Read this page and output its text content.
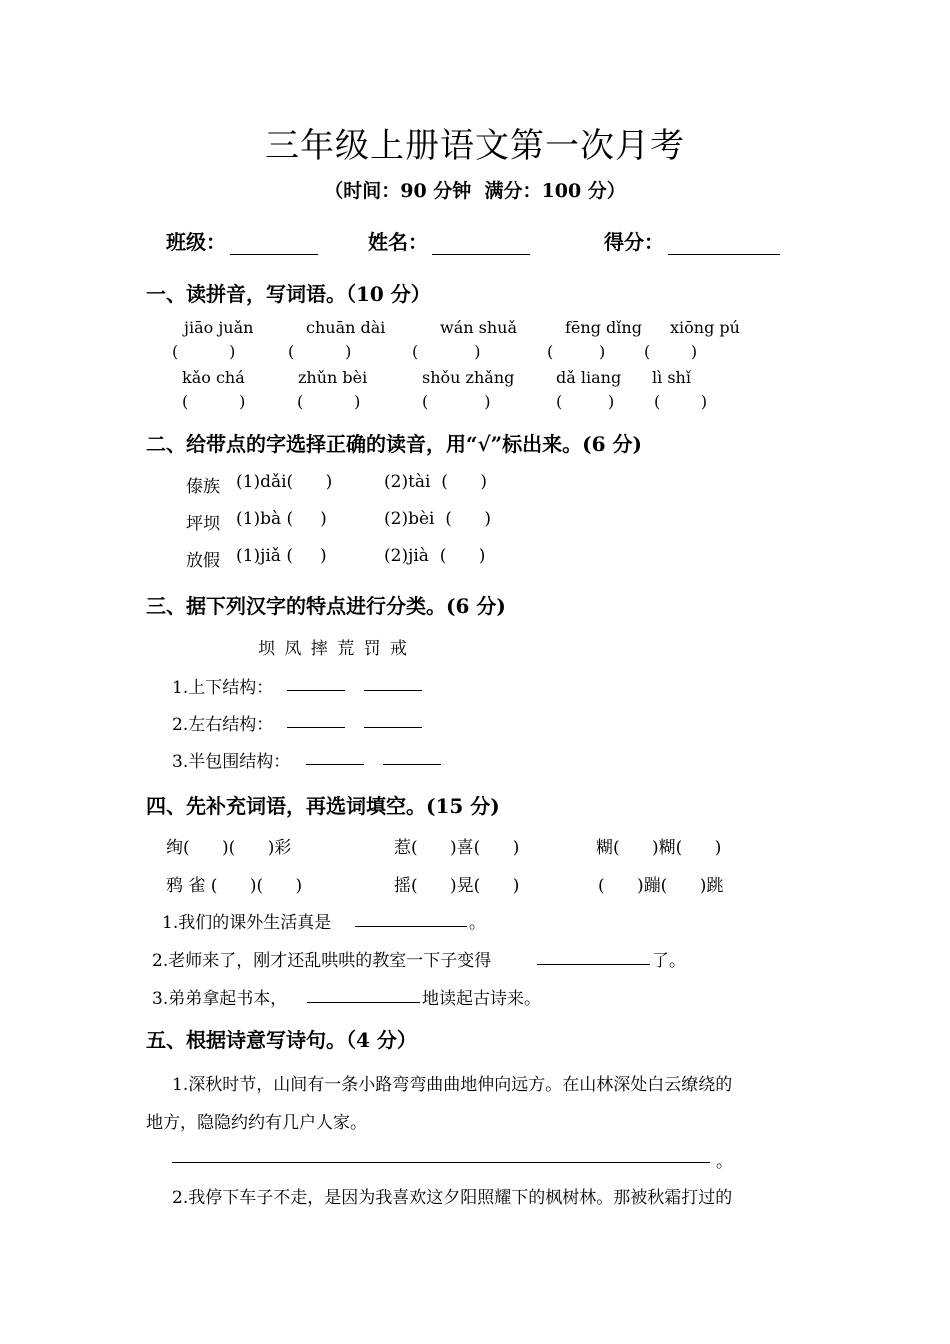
三年级上册语文第一次月考
（时间：90 分钟  满分：100 分）
班级：	姓名：	得分：
一、读拼音，写词语。（10 分）
jiāo juǎn	chuān dài	wán shuǎ	fēng dǐng xiōng pú
(          )	(          )	(           )	(         ) (        )
kǎo chá	zhǔn bèi	shǒu zhǎng	dǎ liang lì shǐ
(          )	(          )	(           )	(         ) (        )
二、给带点的字选择正确的读音，用“√”标出来。(6 分)
傣族 (1)dǎi(      )	(2)tài  (      )
坪坝 (1)bà (     )	(2)bèi  (      )
放假 (1)jiǎ (     )	(2)jià  (      )
三、据下列汉字的特点进行分类。(6 分)
坝 凤 摔 荒 罚 戒
1.上下结构：
2.左右结构：
3.半包围结构：
四、先补充词语，再选词填空。(15 分)
绚(      )(      )彩	惹(      )喜(      )	糊(      )糊(      )
鸦 雀 (      )(      )	摇(      )晃(      )	(      )蹦(      )跳
1.我们的课外生活真是	。
2.老师来了，刚才还乱哄哄的教室一下子变得	了。
3.弟弟拿起书本，	地读起古诗来。
五、根据诗意写诗句。（4 分）
1.深秋时节，山间有一条小路弯弯曲曲地伸向远方。在山林深处白云缭绕的
地方，隐隐约约有几户人家。
。
2.我停下车子不走，是因为我喜欢这夕阳照耀下的枫树林。那被秋霜打过的
